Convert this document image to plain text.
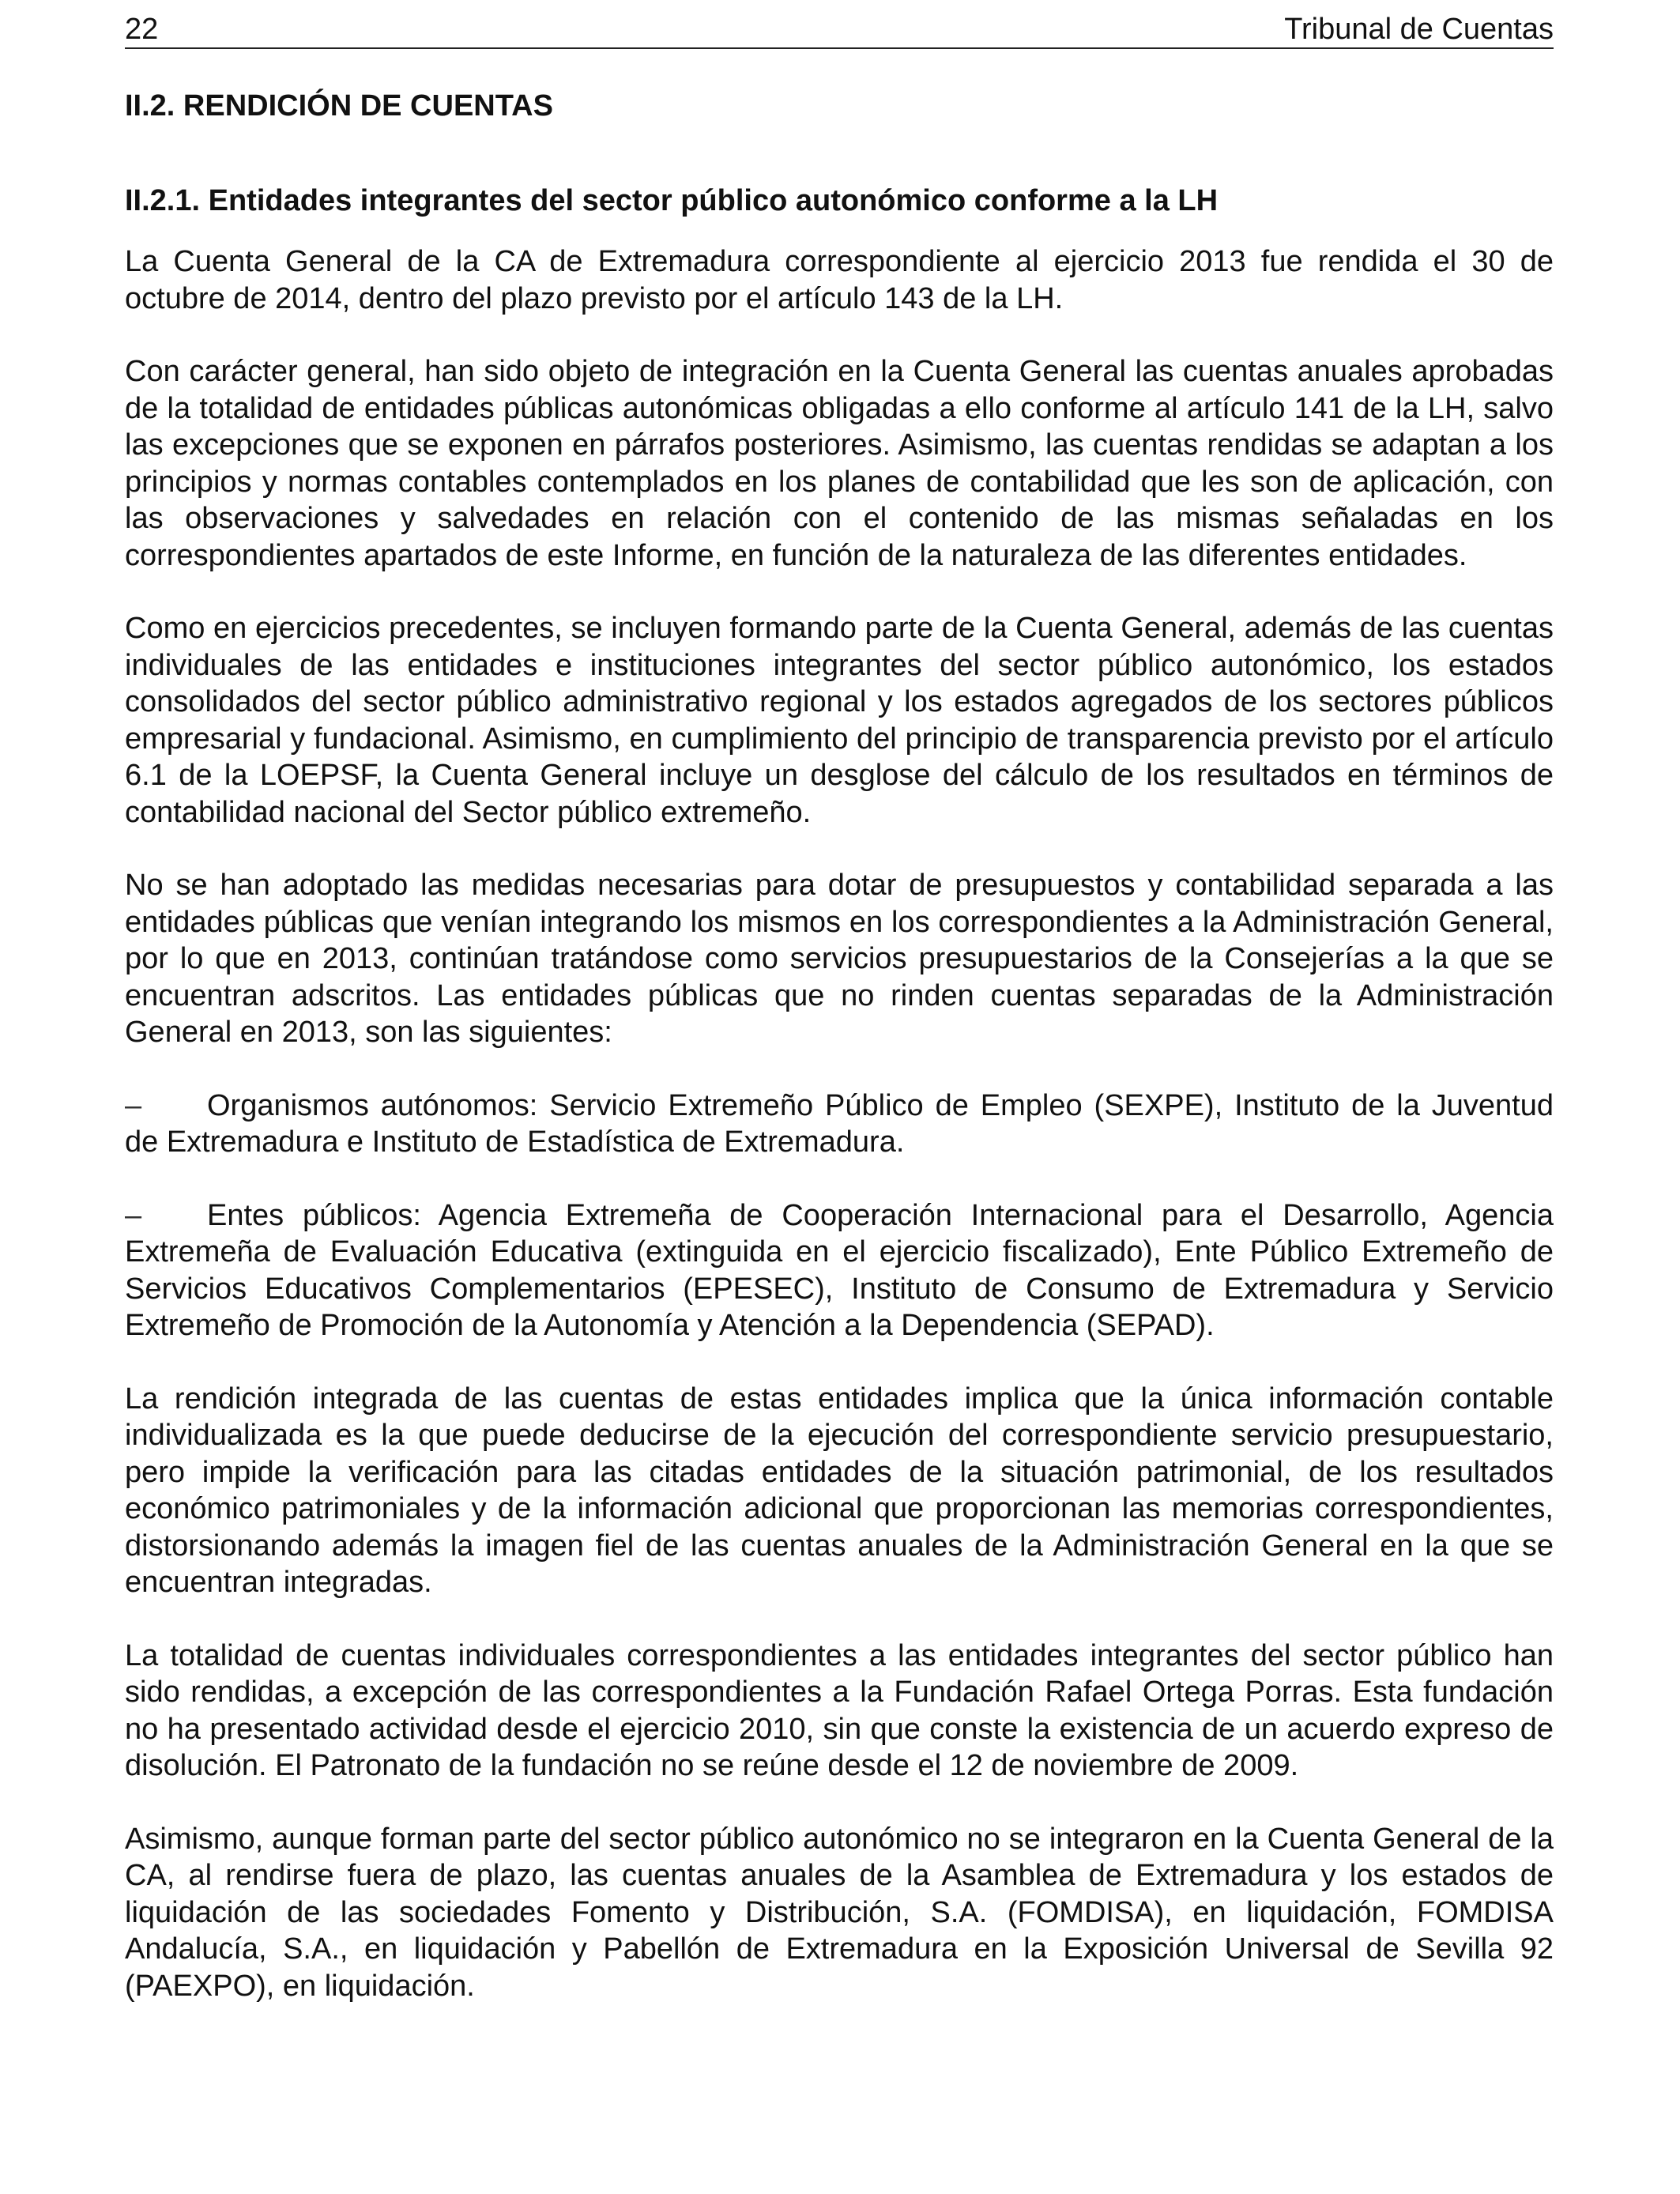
22	Tribunal de Cuentas
II.2. RENDICIÓN DE CUENTAS
II.2.1. Entidades integrantes del sector público autonómico conforme a la LH

La Cuenta General de la CA de Extremadura correspondiente al ejercicio 2013 fue rendida el 30 de octubre de 2014, dentro del plazo previsto por el artículo 143 de la LH.

Con carácter general, han sido objeto de integración en la Cuenta General las cuentas anuales aprobadas de la totalidad de entidades públicas autonómicas obligadas a ello conforme al artículo 141 de la LH, salvo las excepciones que se exponen en párrafos posteriores. Asimismo, las cuentas rendidas se adaptan a los principios y normas contables contemplados en los planes de contabilidad que les son de aplicación, con las observaciones y salvedades en relación con el contenido de las mismas señaladas en los correspondientes apartados de este Informe, en función de la naturaleza de las diferentes entidades.

Como en ejercicios precedentes, se incluyen formando parte de la Cuenta General, además de las cuentas individuales de las entidades e instituciones integrantes del sector público autonómico, los estados consolidados del sector público administrativo regional y los estados agregados de los sectores públicos empresarial y fundacional. Asimismo, en cumplimiento del principio de transparencia previsto por el artículo 6.1 de la LOEPSF, la Cuenta General incluye un desglose del cálculo de los resultados en términos de contabilidad nacional del Sector público extremeño.

No se han adoptado las medidas necesarias para dotar de presupuestos y contabilidad separada a las entidades públicas que venían integrando los mismos en los correspondientes a la Administración General, por lo que en 2013, continúan tratándose como servicios presupuestarios de la Consejerías a la que se encuentran adscritos. Las entidades públicas que no rinden cuentas separadas de la Administración General en 2013, son las siguientes:

– Organismos autónomos: Servicio Extremeño Público de Empleo (SEXPE), Instituto de la Juventud de Extremadura e Instituto de Estadística de Extremadura.

– Entes públicos: Agencia Extremeña de Cooperación Internacional para el Desarrollo, Agencia Extremeña de Evaluación Educativa (extinguida en el ejercicio fiscalizado), Ente Público Extremeño de Servicios Educativos Complementarios (EPESEC), Instituto de Consumo de Extremadura y Servicio Extremeño de Promoción de la Autonomía y Atención a la Dependencia (SEPAD).

La rendición integrada de las cuentas de estas entidades implica que la única información contable individualizada es la que puede deducirse de la ejecución del correspondiente servicio presupuestario, pero impide la verificación para las citadas entidades de la situación patrimonial, de los resultados económico patrimoniales y de la información adicional que proporcionan las memorias correspondientes, distorsionando además la imagen fiel de las cuentas anuales de la Administración General en la que se encuentran integradas.

La totalidad de cuentas individuales correspondientes a las entidades integrantes del sector público han sido rendidas, a excepción de las correspondientes a la Fundación Rafael Ortega Porras. Esta fundación no ha presentado actividad desde el ejercicio 2010, sin que conste la existencia de un acuerdo expreso de disolución. El Patronato de la fundación no se reúne desde el 12 de noviembre de 2009.

Asimismo, aunque forman parte del sector público autonómico no se integraron en la Cuenta General de la CA, al rendirse fuera de plazo, las cuentas anuales de la Asamblea de Extremadura y los estados de liquidación de las sociedades Fomento y Distribución, S.A. (FOMDISA), en liquidación, FOMDISA Andalucía, S.A., en liquidación y Pabellón de Extremadura en la Exposición Universal de Sevilla 92 (PAEXPO), en liquidación.
